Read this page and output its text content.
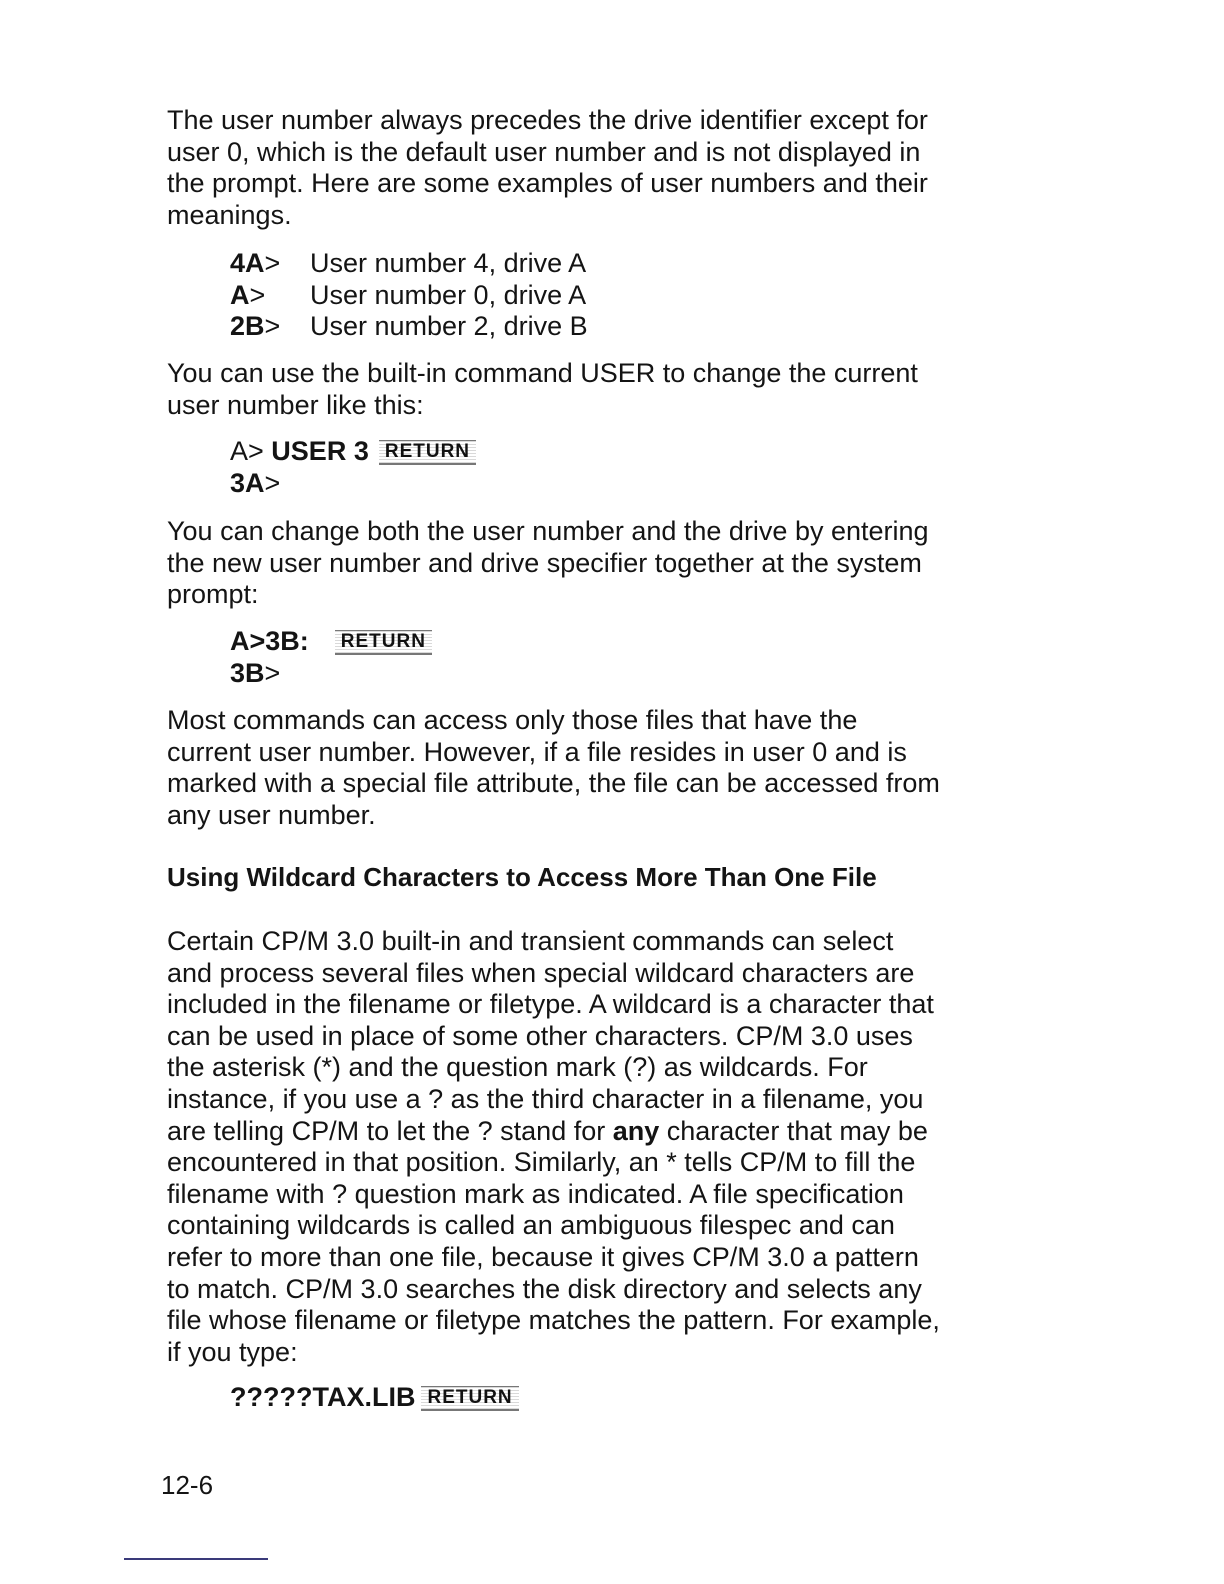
The user number always precedes the drive identifier except for
user 0, which is the default user number and is not displayed in
the prompt. Here are some examples of user numbers and their
meanings.

4A> User number 4, drive A
A> User number 0, drive A
2B> User number 2, drive B

You can use the built-in command USER to change the current
user number like this:

A> USER 3 RETURN
3A>

You can change both the user number and the drive by entering
the new user number and drive specifier together at the system
prompt:

A>3B: RETURN
3B>

Most commands can access only those files that have the
current user number. However, if a file resides in user 0 and is
marked with a special file attribute, the file can be accessed from
any user number.

Using Wildcard Characters to Access More Than One File

Certain CP/M 3.0 built-in and transient commands can select
and process several files when special wildcard characters are
included in the filename or filetype. A wildcard is a character that
can be used in place of some other characters. CP/M 3.0 uses
the asterisk (*) and the question mark (?) as wildcards. For
instance, if you use a ? as the third character in a filename, you
are telling CP/M to let the ? stand for any character that may be
encountered in that position. Similarly, an * tells CP/M to fill the
filename with ? question mark as indicated. A file specification
containing wildcards is called an ambiguous filespec and can
refer to more than one file, because it gives CP/M 3.0 a pattern
to match. CP/M 3.0 searches the disk directory and selects any
file whose filename or filetype matches the pattern. For example,
if you type:

?????TAX.LIB RETURN
12-6
